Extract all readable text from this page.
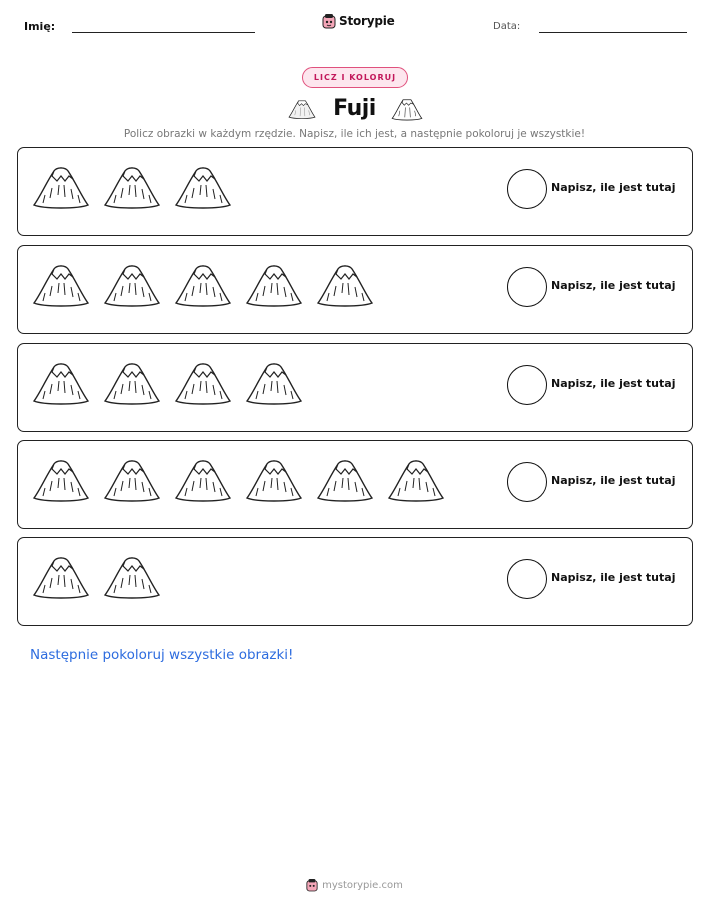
Imię:	Storypie	Data:
LICZ I KOLORUJ
Fuji
Policz obrazki w każdym rzędzie. Napisz, ile ich jest, a następnie pokoloruj je wszystkie!
Napisz, ile jest tutaj
Napisz, ile jest tutaj
Napisz, ile jest tutaj
Napisz, ile jest tutaj
Napisz, ile jest tutaj
Następnie pokoloruj wszystkie obrazki!
mystorypie.com
